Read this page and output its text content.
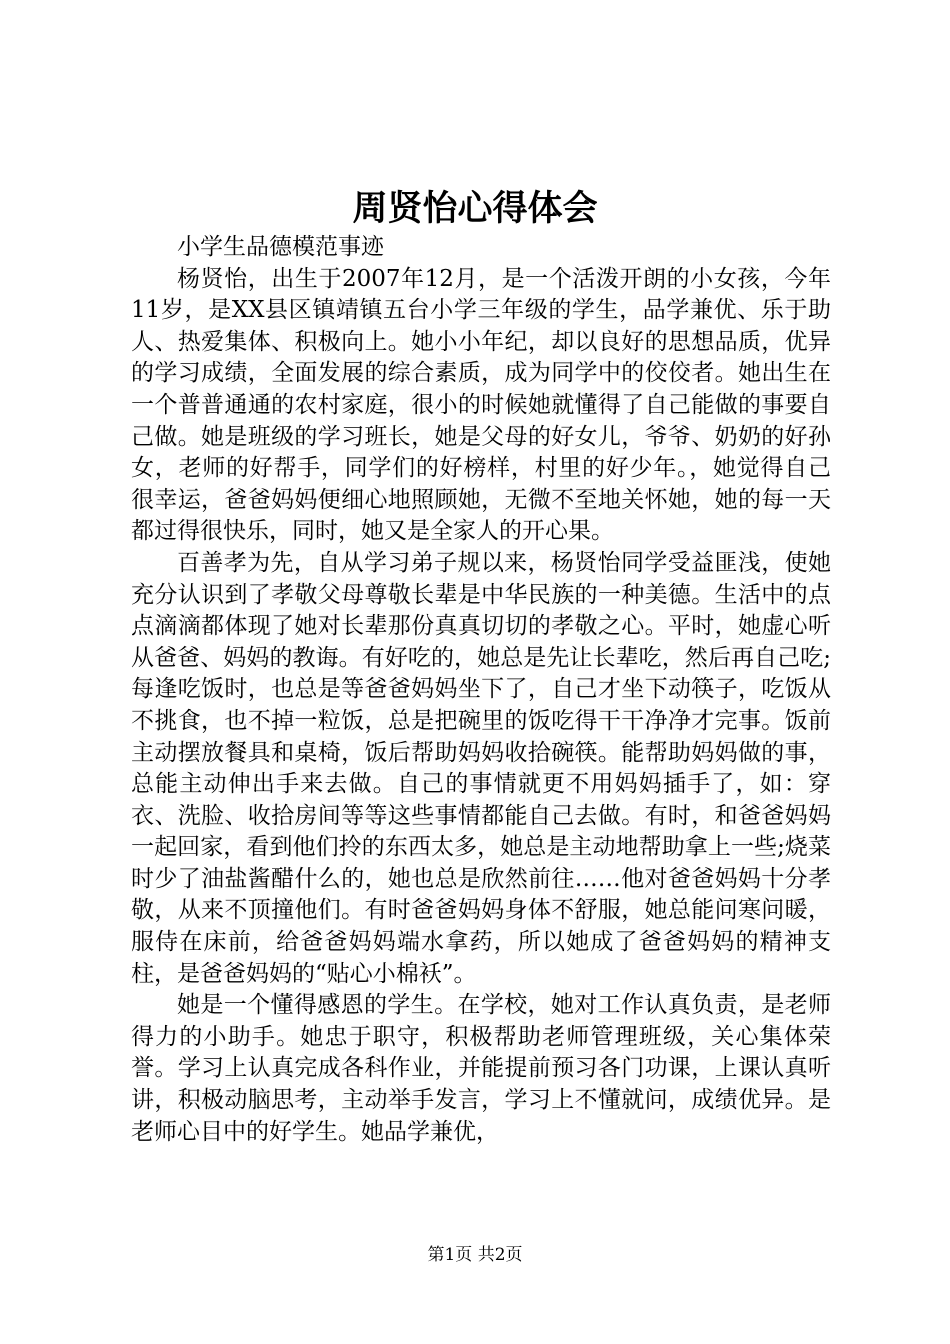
周贤怡心得体会
小学生品德模范事迹

杨贤怡，出生于2007年12月，是一个活泼开朗的小女孩，今年11岁，是XX县区镇靖镇五台小学三年级的学生，品学兼优、乐于助人、热爱集体、积极向上。她小小年纪，却以良好的思想品质，优异的学习成绩，全面发展的综合素质，成为同学中的佼佼者。她出生在一个普普通通的农村家庭，很小的时候她就懂得了自己能做的事要自己做。她是班级的学习班长，她是父母的好女儿，爷爷、奶奶的好孙女，老师的好帮手，同学们的好榜样，村里的好少年。，她觉得自己很幸运，爸爸妈妈便细心地照顾她，无微不至地关怀她，她的每一天都过得很快乐，同时，她又是全家人的开心果。

百善孝为先，自从学习弟子规以来，杨贤怡同学受益匪浅，使她充分认识到了孝敬父母尊敬长辈是中华民族的一种美德。生活中的点点滴滴都体现了她对长辈那份真真切切的孝敬之心。平时，她虚心听从爸爸、妈妈的教诲。有好吃的，她总是先让长辈吃，然后再自己吃;每逢吃饭时，也总是等爸爸妈妈坐下了，自己才坐下动筷子，吃饭从不挑食，也不掉一粒饭，总是把碗里的饭吃得干干净净才完事。饭前主动摆放餐具和桌椅，饭后帮助妈妈收拾碗筷。能帮助妈妈做的事，总能主动伸出手来去做。自己的事情就更不用妈妈插手了，如：穿衣、洗脸、收拾房间等等这些事情都能自己去做。有时，和爸爸妈妈一起回家，看到他们拎的东西太多，她总是主动地帮助拿上一些;烧菜时少了油盐酱醋什么的，她也总是欣然前往……他对爸爸妈妈十分孝敬，从来不顶撞他们。有时爸爸妈妈身体不舒服，她总能问寒问暖，服侍在床前，给爸爸妈妈端水拿药，所以她成了爸爸妈妈的精神支柱，是爸爸妈妈的“贴心小棉袄”。

她是一个懂得感恩的学生。在学校，她对工作认真负责，是老师得力的小助手。她忠于职守，积极帮助老师管理班级，关心集体荣誉。学习上认真完成各科作业，并能提前预习各门功课，上课认真听讲，积极动脑思考，主动举手发言，学习上不懂就问，成绩优异。是老师心目中的好学生。她品学兼优，

第1页 共2页
